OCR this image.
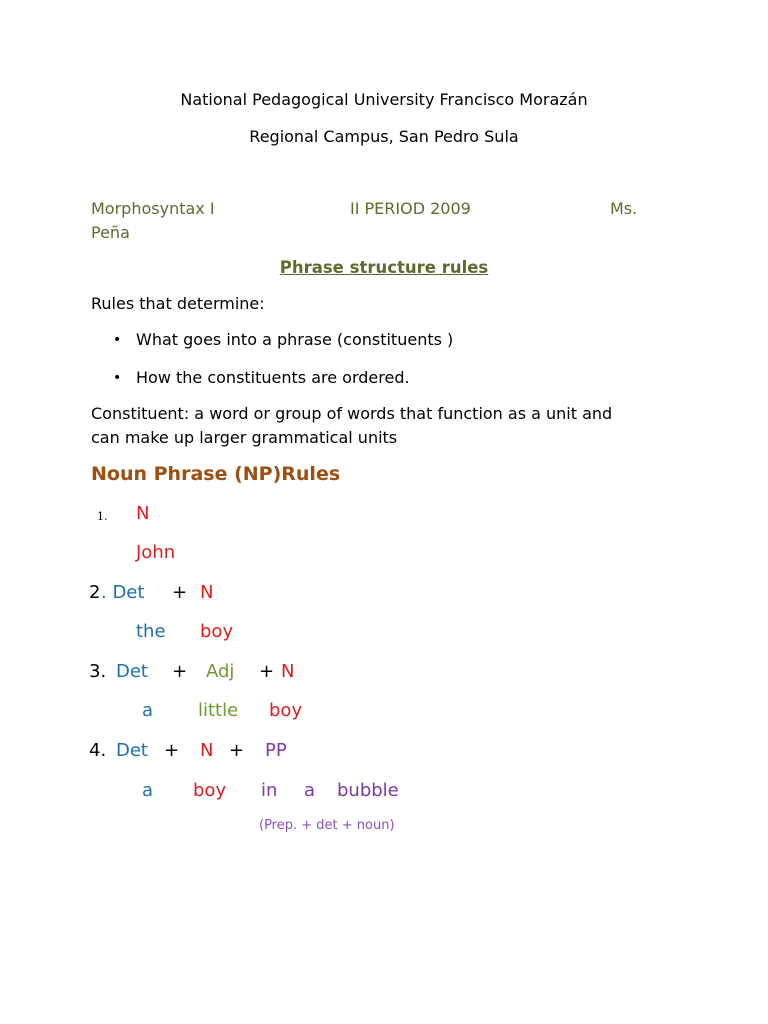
National Pedagogical University Francisco Morazán
Regional Campus, San Pedro Sula
Morphosyntax I	II PERIOD 2009	Ms.
Peña
Phrase structure rules
Rules that determine:
• What goes into a phrase (constituents )
• How the constituents are ordered.
Constituent: a word or group of words that function as a unit and
can make up larger grammatical units
Noun Phrase (NP)Rules
1. N
John
2 . Det + N
the boy
3. Det + Adj + N
a little boy
4. Det + N + PP
a boy in a bubble
(Prep. + det + noun)
